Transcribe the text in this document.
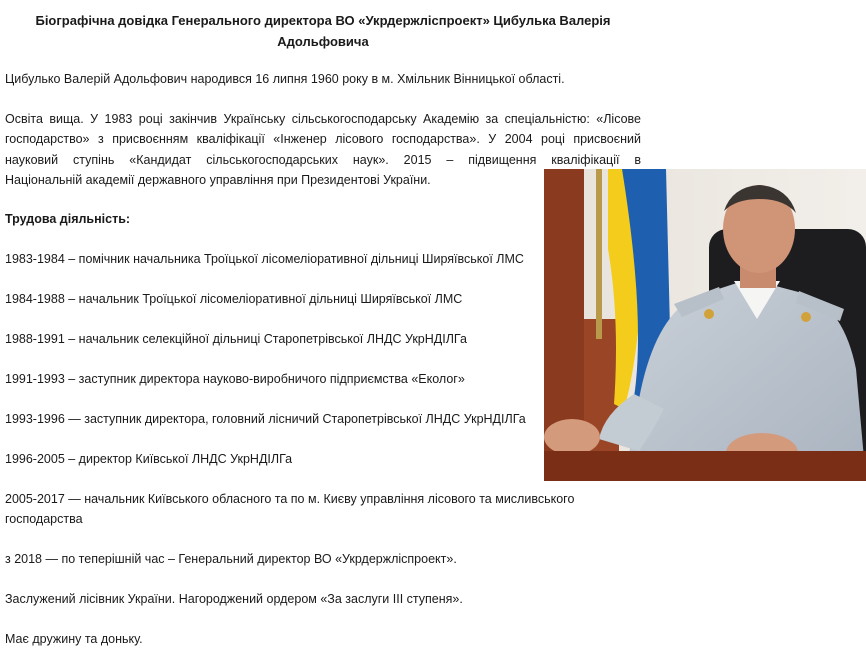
Біографічна довідка Генерального директора ВО «Укрдержліспроект» Цибулька Валерія
Адольфовича

Цибулько Валерій Адольфович народився 16 липня 1960 року в м. Хмільник Вінницької області.

Освіта вища. У 1983 році закінчив Українську сільськогосподарську Академію за спеціальністю: «Лісове

господарство» з присвоєнням кваліфікації «Інженер лісового господарства». У 2004 році присвоєний

науковий ступінь «Кандидат сільськогосподарських наук». 2015 – підвищення кваліфікації в

Національній академії державного управління при Президентові України.

Трудова діяльність:

1983-1984 – помічник начальника Троїцької лісомеліоративної дільниці Ширяївської ЛМС

1984-1988 – начальник Троїцької лісомеліоративної дільниці Ширяївської ЛМС

1988-1991 – начальник селекційної дільниці Старопетрівської ЛНДС УкрНДІЛГа

1991-1993 – заступник директора науково-виробничого підприємства «Еколог»

1993-1996 — заступник директора, головний лісничий Старопетрівської ЛНДС УкрНДІЛГа

1996-2005 – директор Київської ЛНДС УкрНДІЛГа

2005-2017 — начальник Київського обласного та по м. Києву управління лісового та мисливського

господарства

з 2018 — по теперішній час – Генеральний директор ВО «Укрдержліспроект».

Заслужений лісівник України. Нагороджений ордером «За заслуги ІІІ ступеня».

Має дружину та доньку.
